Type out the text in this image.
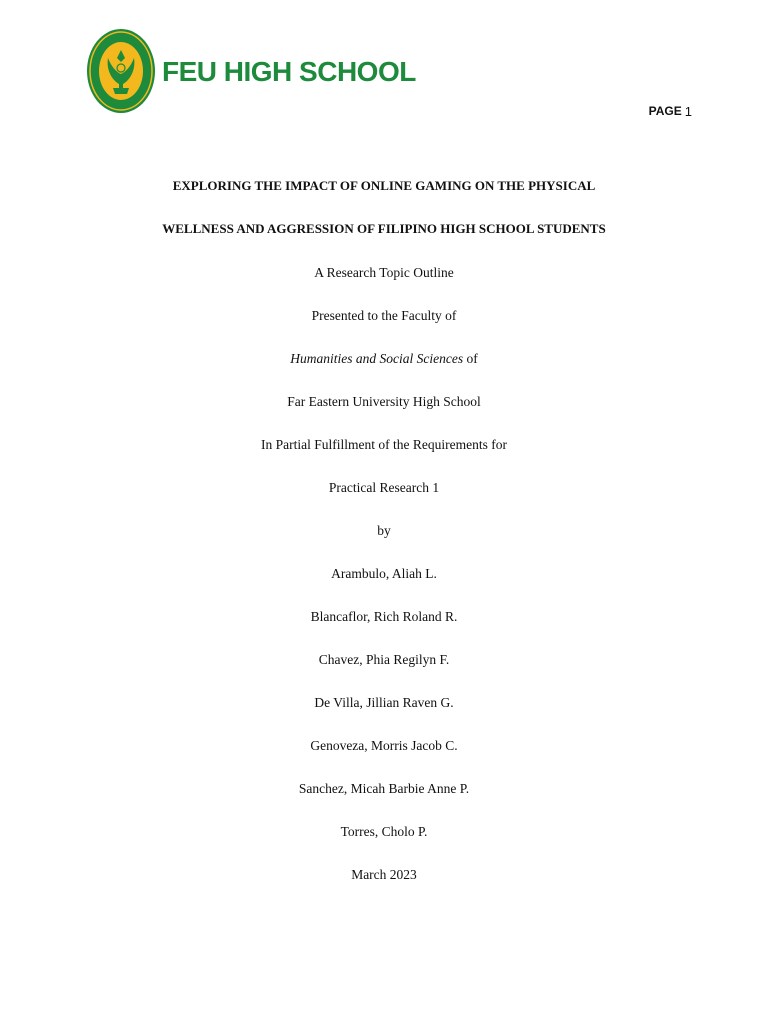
FEU HIGH SCHOOL
PAGE 1
EXPLORING THE IMPACT OF ONLINE GAMING ON THE PHYSICAL
WELLNESS AND AGGRESSION OF FILIPINO HIGH SCHOOL STUDENTS
A Research Topic Outline
Presented to the Faculty of
Humanities and Social Sciences of
Far Eastern University High School
In Partial Fulfillment of the Requirements for
Practical Research 1
by
Arambulo, Aliah L.
Blancaflor, Rich Roland R.
Chavez, Phia Regilyn F.
De Villa, Jillian Raven G.
Genoveza, Morris Jacob C.
Sanchez, Micah Barbie Anne P.
Torres, Cholo P.
March 2023
